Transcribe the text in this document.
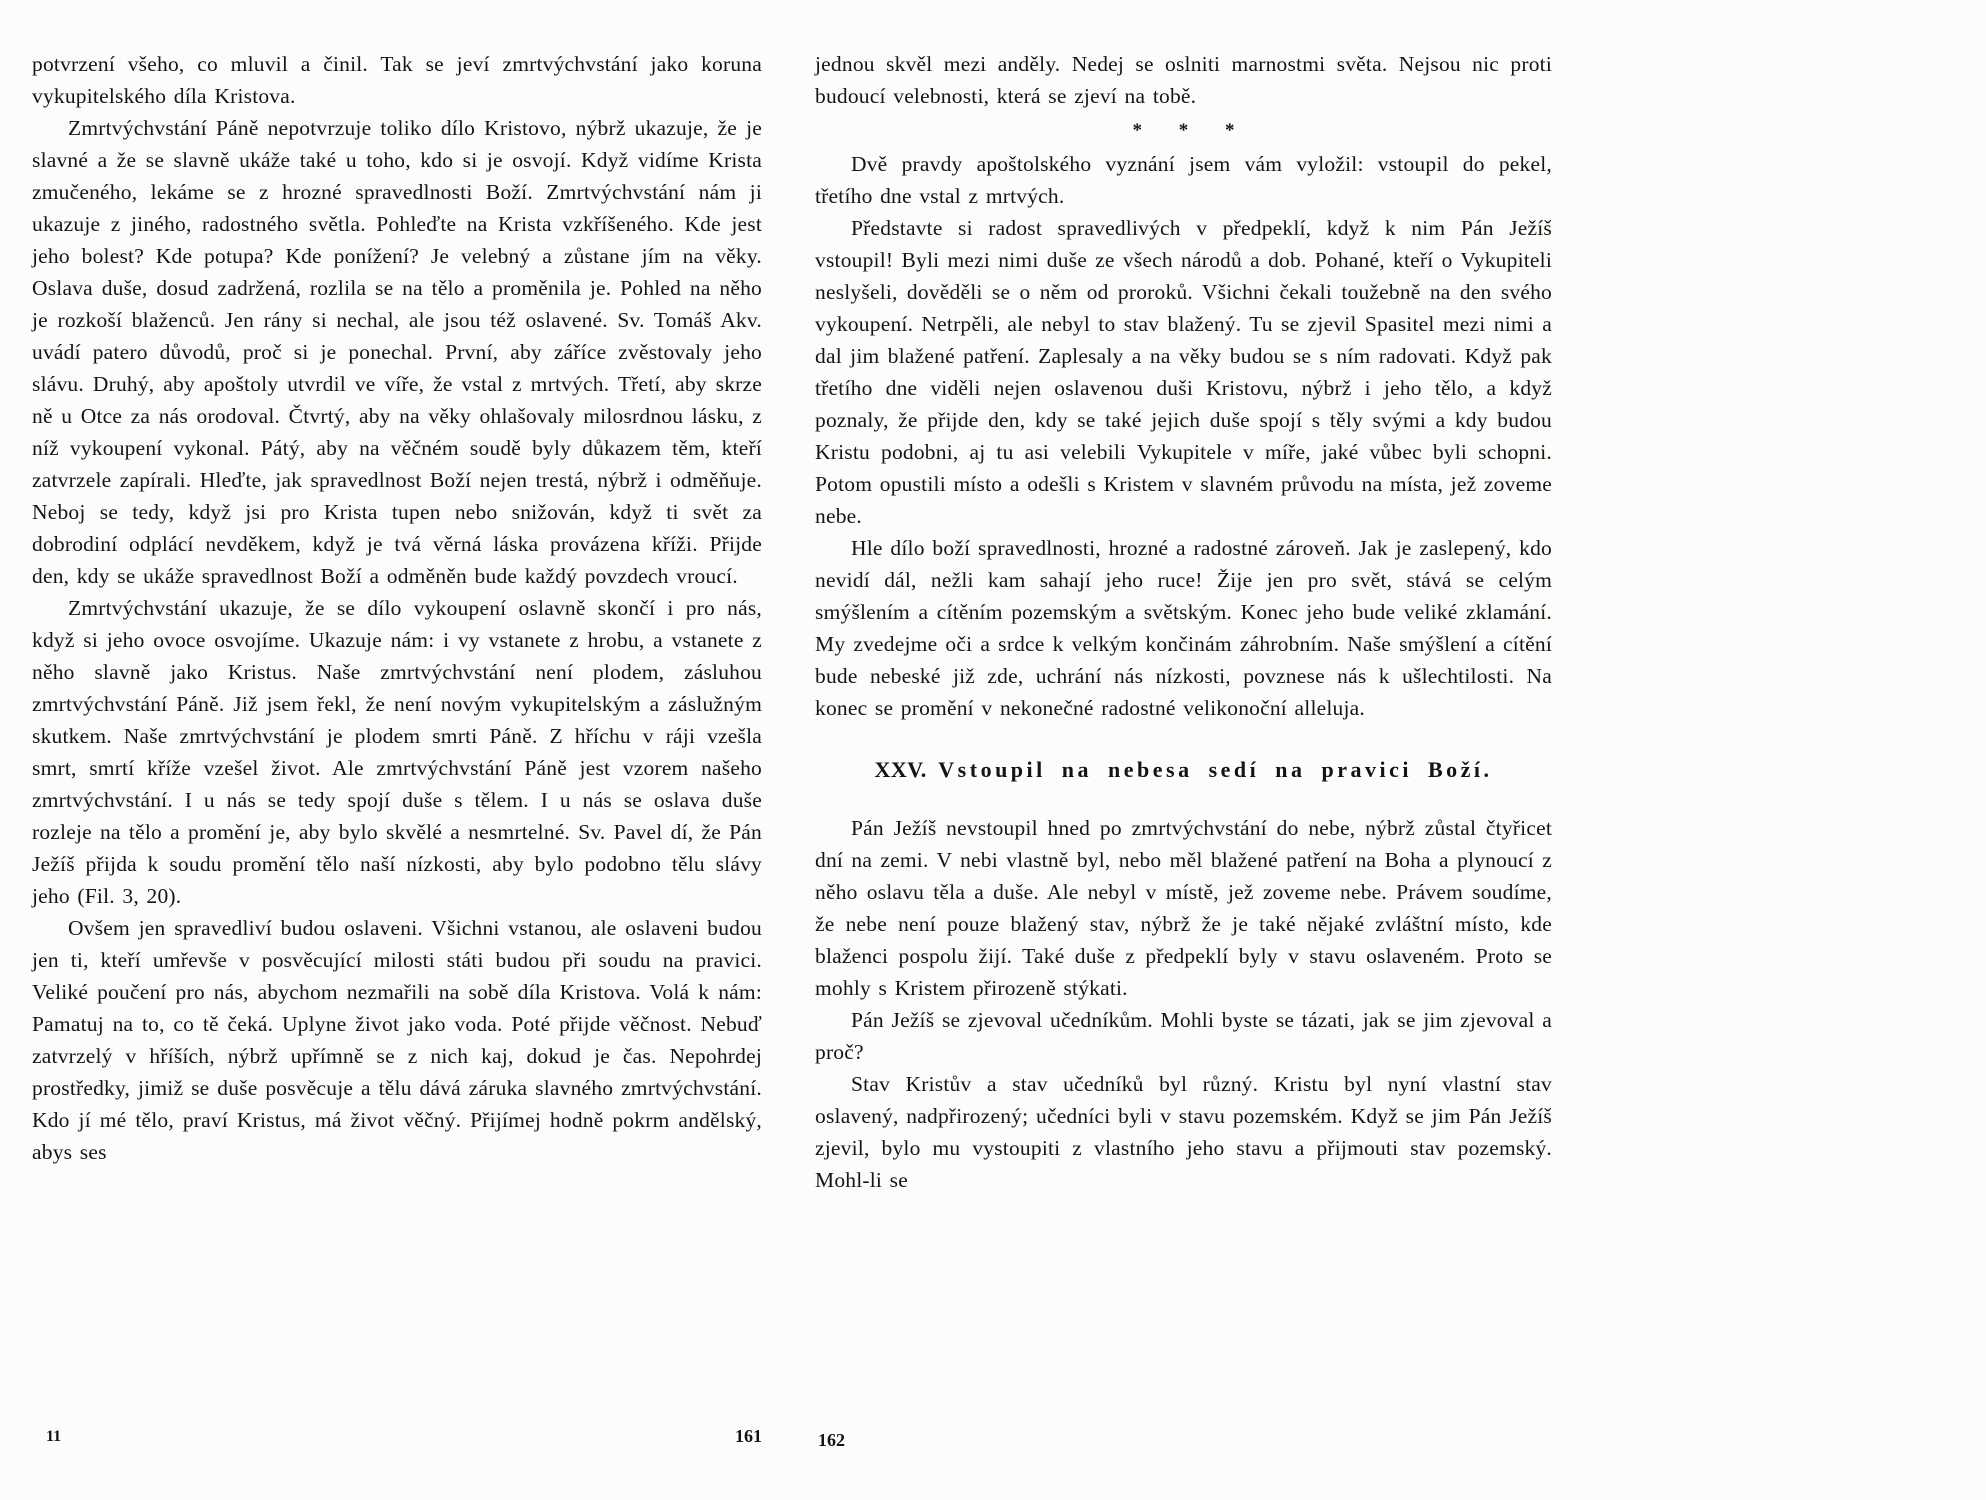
potvrzení všeho, co mluvil a činil. Tak se jeví zmrtvýchvstání jako koruna vykupitelského díla Kristova.

Zmrtvýchvstání Páně nepotvrzuje toliko dílo Kristovo, nýbrž ukazuje, že je slavné a že se slavně ukáže také u toho, kdo si je osvojí. Když vidíme Krista zmučeného, lekáme se z hrozné spravedlnosti Boží. Zmrtvýchvstání nám ji ukazuje z jiného, radostného světla. Pohleďte na Krista vzkříšeného. Kde jest jeho bolest? Kde potupa? Kde ponížení? Je velebný a zůstane jím na věky. Oslava duše, dosud zadržená, rozlila se na tělo a proměnila je. Pohled na něho je rozkoší blaženců. Jen rány si nechal, ale jsou též oslavené. Sv. Tomáš Akv. uvádí patero důvodů, proč si je ponechal. První, aby záříce zvěstovaly jeho slávu. Druhý, aby apoštoly utvrdil ve víře, že vstal z mrtvých. Třetí, aby skrze ně u Otce za nás orodoval. Čtvrtý, aby na věky ohlašovaly milosrdnou lásku, z níž vykoupení vykonal. Pátý, aby na věčném soudě byly důkazem těm, kteří zatvrzele zapírali. Hleďte, jak spravedlnost Boží nejen trestá, nýbrž i odměňuje. Neboj se tedy, když jsi pro Krista tupen nebo snižován, když ti svět za dobrodiní odplácí nevděkem, když je tvá věrná láska provázena kříži. Přijde den, kdy se ukáže spravedlnost Boží a odměněn bude každý povzdech vroucí.

Zmrtvýchvstání ukazuje, že se dílo vykoupení oslavně skončí i pro nás, když si jeho ovoce osvojíme. Ukazuje nám: i vy vstanete z hrobu, a vstanete z něho slavně jako Kristus. Naše zmrtvýchvstání není plodem, zásluhou zmrtvýchvstání Páně. Již jsem řekl, že není novým vykupitelským a záslužným skutkem. Naše zmrtvýchvstání je plodem smrti Páně. Z hříchu v ráji vzešla smrt, smrtí kříže vzešel život. Ale zmrtvýchvstání Páně jest vzorem našeho zmrtvýchvstání. I u nás se tedy spojí duše s tělem. I u nás se oslava duše rozleje na tělo a promění je, aby bylo skvělé a nesmrtelné. Sv. Pavel dí, že Pán Ježíš přijda k soudu promění tělo naší nízkosti, aby bylo podobno tělu slávy jeho (Fil. 3, 20).

Ovšem jen spravedliví budou oslaveni. Všichni vstanou, ale oslaveni budou jen ti, kteří umřevše v posvěcující milosti státi budou při soudu na pravici. Veliké poučení pro nás, abychom nezmařili na sobě díla Kristova. Volá k nám: Pamatuj na to, co tě čeká. Uplyne život jako voda. Poté přijde věčnost. Nebuď zatvrzelý v hříších, nýbrž upřímně se z nich kaj, dokud je čas. Nepohrdej prostředky, jimiž se duše posvěcuje a tělu dává záruka slavného zmrtvýchvstání. Kdo jí mé tělo, praví Kristus, má život věčný. Přijímej hodně pokrm andělský, abys ses

jednou skvěl mezi anděly. Nedej se oslniti marnostmi světa. Nejsou nic proti budoucí velebnosti, která se zjeví na tobě.

* * *

Dvě pravdy apoštolského vyznání jsem vám vyložil: vstoupil do pekel, třetího dne vstal z mrtvých.

Představte si radost spravedlivých v předpeklí, když k nim Pán Ježíš vstoupil! Byli mezi nimi duše ze všech národů a dob. Pohané, kteří o Vykupiteli neslyšeli, dověděli se o něm od proroků. Všichni čekali toužebně na den svého vykoupení. Netrpěli, ale nebyl to stav blažený. Tu se zjevil Spasitel mezi nimi a dal jim blažené patření. Zaplesaly a na věky budou se s ním radovati. Když pak třetího dne viděli nejen oslavenou duši Kristovu, nýbrž i jeho tělo, a když poznaly, že přijde den, kdy se také jejich duše spojí s těly svými a kdy budou Kristu podobni, aj tu asi velebili Vykupitele v míře, jaké vůbec byli schopni. Potom opustili místo a odešli s Kristem v slavném průvodu na místa, jež zoveme nebe.

Hle dílo boží spravedlnosti, hrozné a radostné zároveň. Jak je zaslepený, kdo nevidí dál, nežli kam sahají jeho ruce! Žije jen pro svět, stává se celým smýšlením a cítěním pozemským a světským. Konec jeho bude veliké zklamání. My zvedejme oči a srdce k velkým končinám záhrobním. Naše smýšlení a cítění bude nebeské již zde, uchrání nás nízkosti, povznese nás k ušlechtilosti. Na konec se promění v nekonečné radostné velikonoční alleluja.

XXV. Vstoupil na nebesa sedí na pravici Boží.

Pán Ježíš nevstoupil hned po zmrtvýchvstání do nebe, nýbrž zůstal čtyřicet dní na zemi. V nebi vlastně byl, nebo měl blažené patření na Boha a plynoucí z něho oslavu těla a duše. Ale nebyl v místě, jež zoveme nebe. Právem soudíme, že nebe není pouze blažený stav, nýbrž že je také nějaké zvláštní místo, kde blaženci pospolu žijí. Také duše z předpeklí byly v stavu oslaveném. Proto se mohly s Kristem přirozeně stýkati.

Pán Ježíš se zjevoval učedníkům. Mohli byste se tázati, jak se jim zjevoval a proč?

Stav Kristův a stav učedníků byl různý. Kristu byl nyní vlastní stav oslavený, nadpřirozený; učedníci byli v stavu pozemském. Když se jim Pán Ježíš zjevil, bylo mu vystoupiti z vlastního jeho stavu a přijmouti stav pozemský. Mohl-li se

11	161	162
